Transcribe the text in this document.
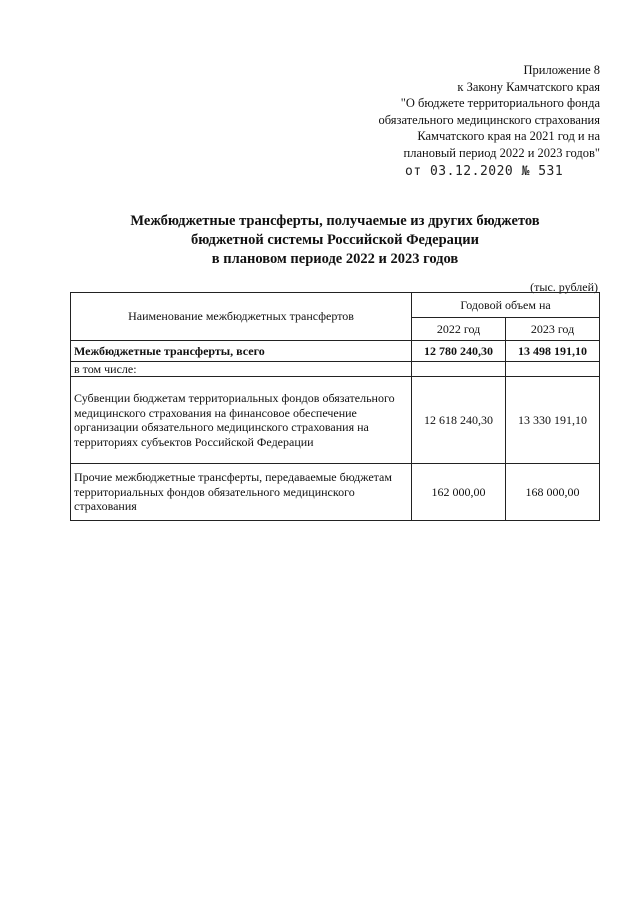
Приложение 8
к Закону Камчатского края
"О бюджете территориального фонда
обязательного медицинского страхования
Камчатского края на 2021 год и на
плановый период 2022 и 2023 годов"
от 03.12.2020 № 531
Межбюджетные трансферты, получаемые из других бюджетов
бюджетной системы Российской Федерации
в плановом периоде 2022 и 2023 годов
(тыс. рублей)
Наименование межбюджетных трансфертов	Годовой объем на	
	2022 год	2023 год
Межбюджетные трансферты, всего	12 780 240,30	13 498 191,10
в том числе:		
Субвенции бюджетам территориальных фондов обязательного медицинского страхования на финансовое обеспечение организации обязательного медицинского страхования на территориях субъектов Российской Федерации	12 618 240,30	13 330 191,10
Прочие межбюджетные трансферты, передаваемые бюджетам территориальных фондов обязательного медицинского страхования	162 000,00	168 000,00
